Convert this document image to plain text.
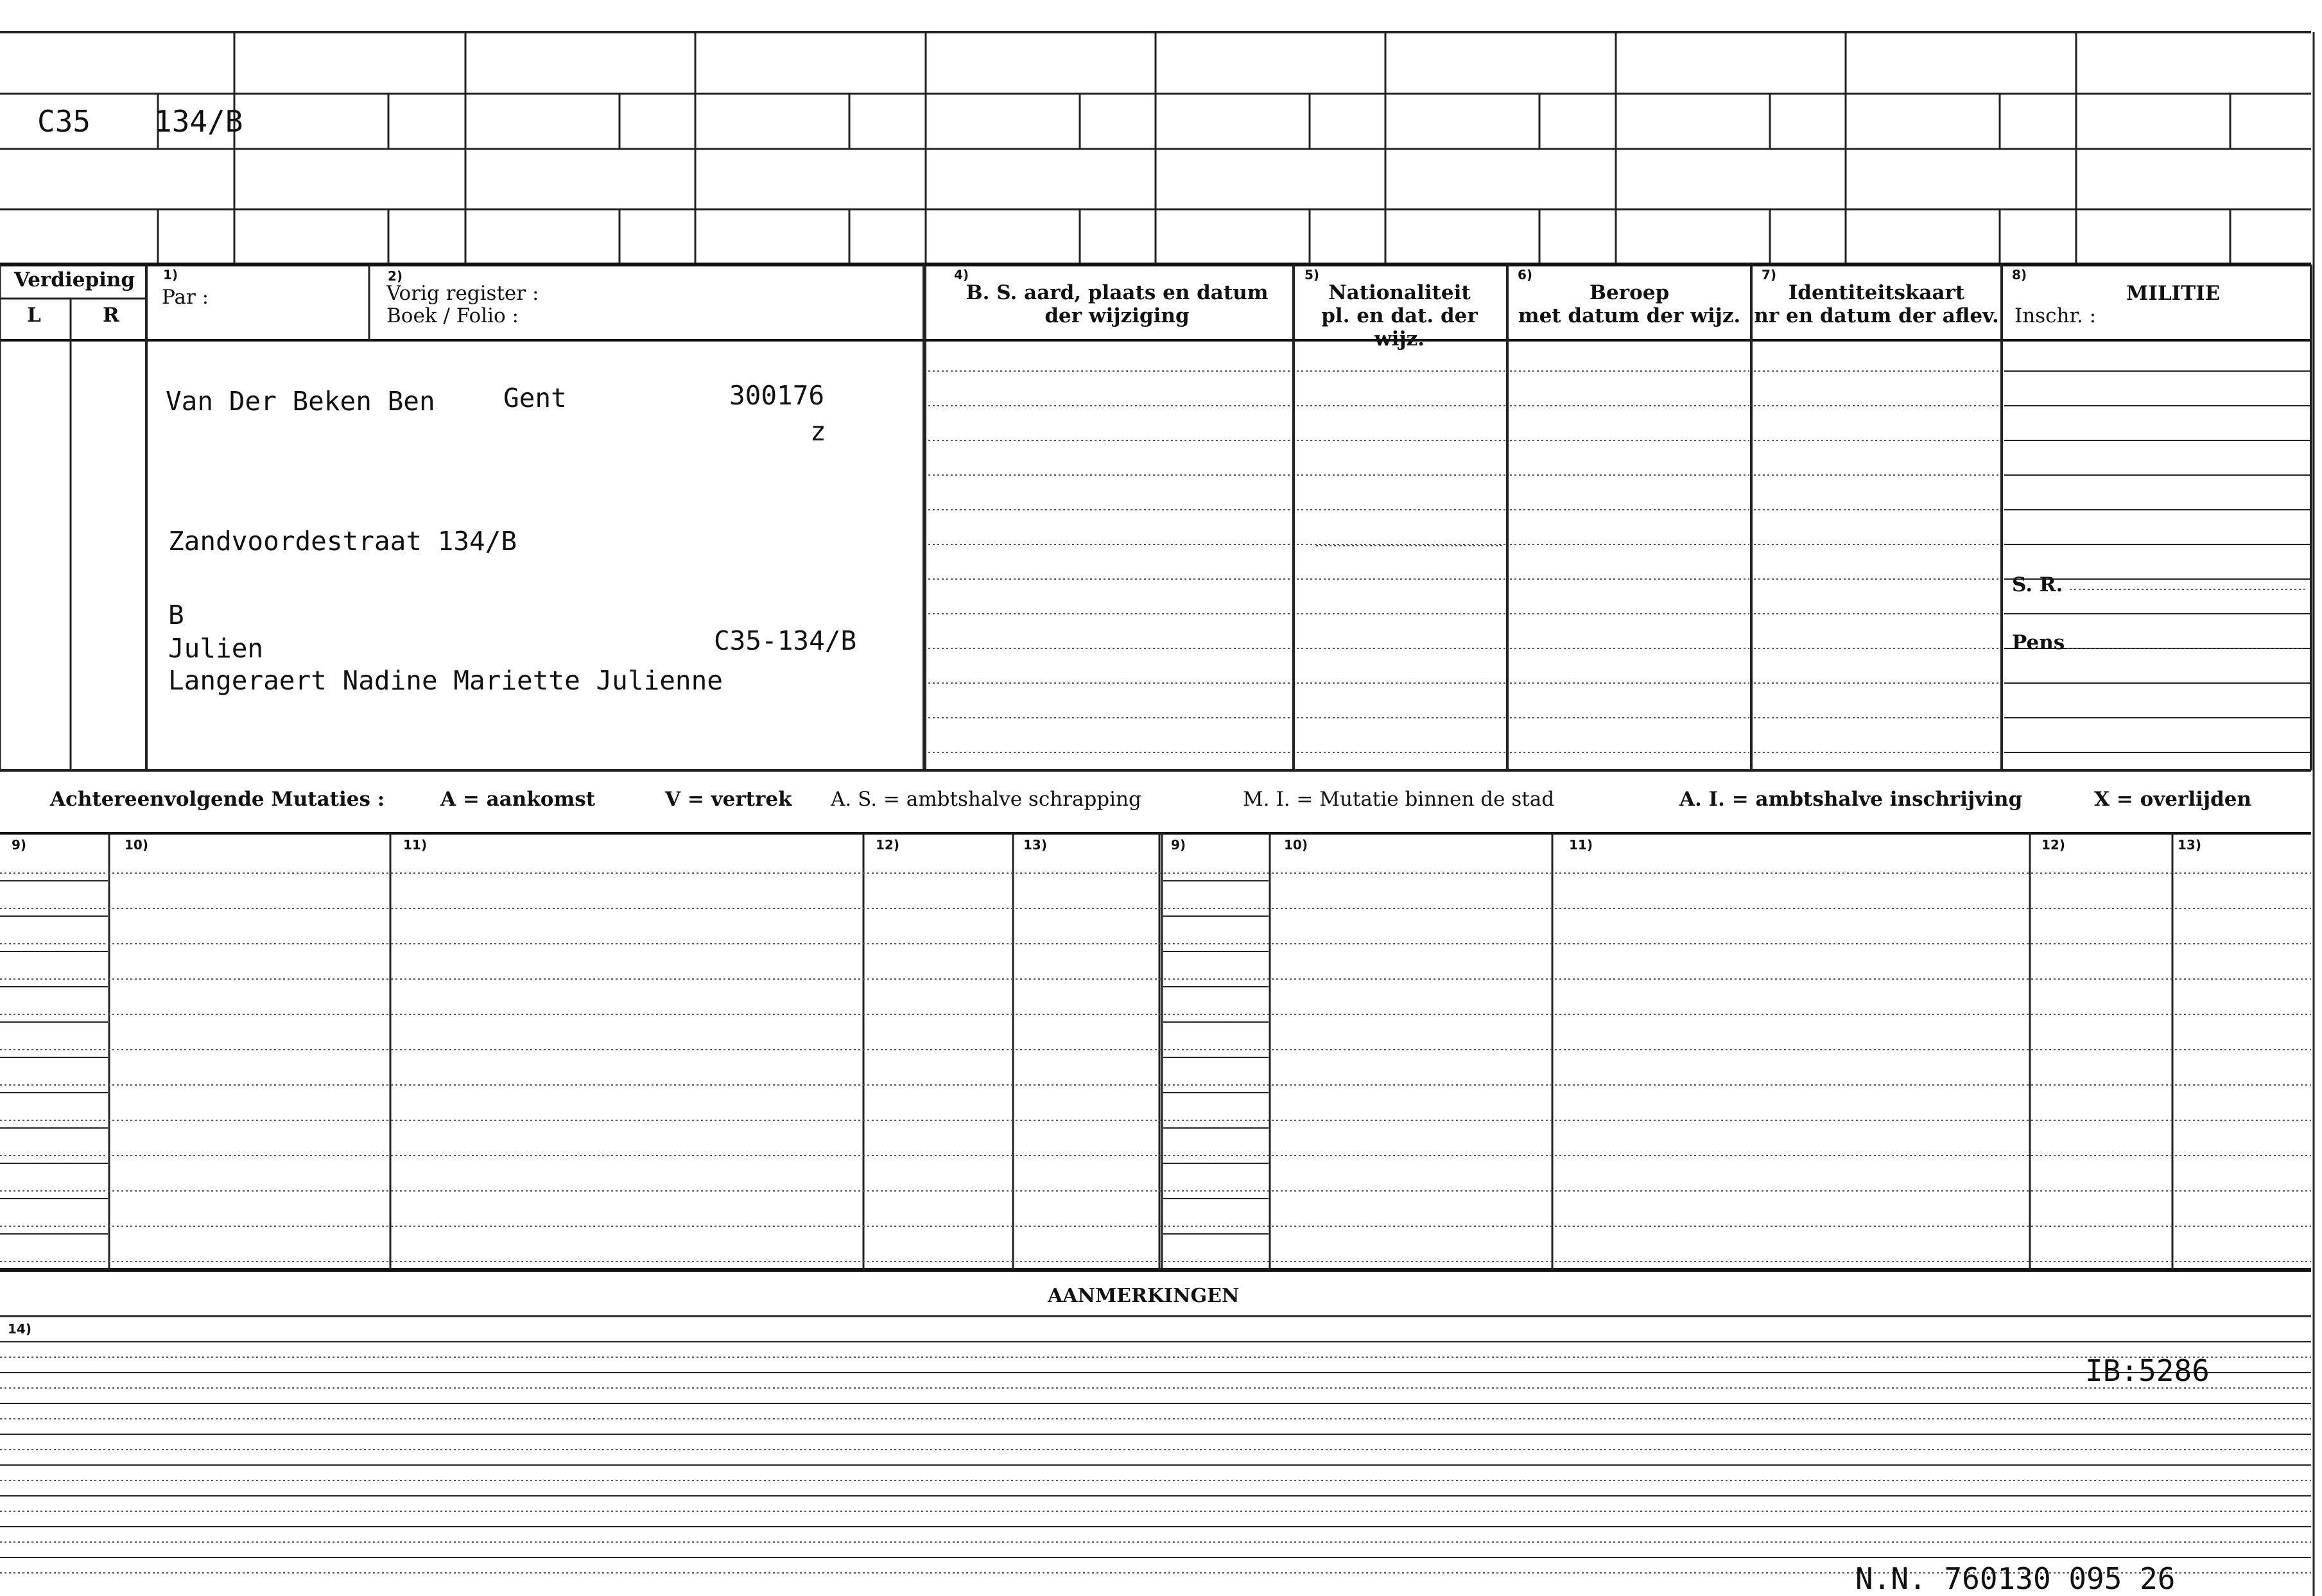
C35 134/B
Verdieping
L	R
1)
Par :
2)
Vorig register :
Boek / Folio :
4)
B. S. aard, plaats en datum
der wijziging
5)
Nationaliteit
pl. en dat. der wijz.
6)
Beroep
met datum der wijz.
7)
Identiteitskaart
nr en datum der aflev.
8)
MILITIE
Inschr. :
S. R.
Pens
Van Der Beken Ben	Gent	300176
z
Zandvoordestraat 134/B
B
Julien	C35-134/B
Langeraert Nadine Mariette Julienne
Achtereenvolgende Mutaties :	A = aankomst	V = vertrek A. S. = ambtshalve schrapping	M. I. = Mutatie binnen de stad	A. I. = ambtshalve inschrijving	X = overlijden
9)	10)	11)	12)	13)	9)	10)	11)	12)	13)
AANMERKINGEN
14)
IB:5286
N.N. 760130 095 26
